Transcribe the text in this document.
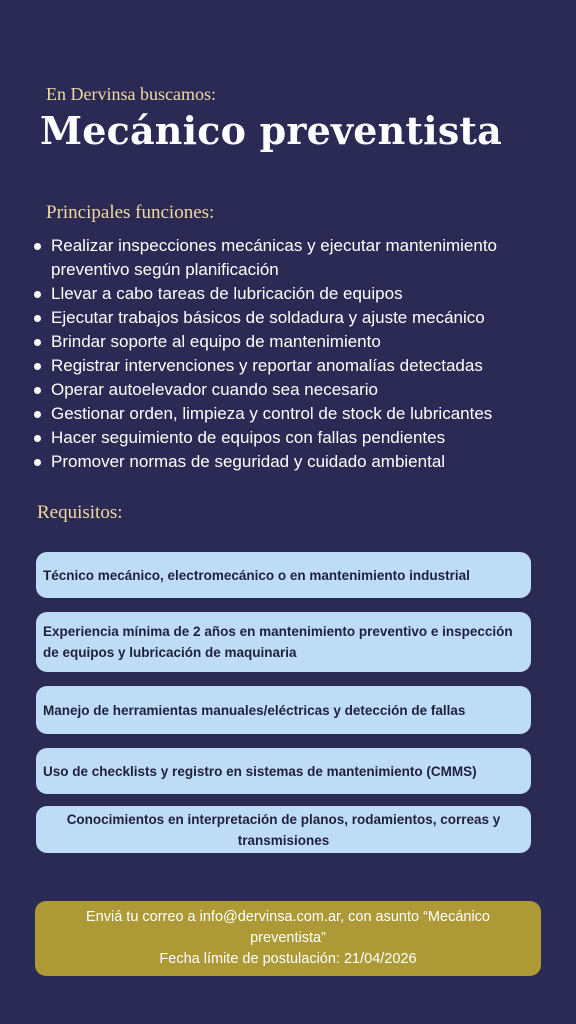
En Dervinsa buscamos:
Mecánico preventista
Principales funciones:
Realizar inspecciones mecánicas y ejecutar mantenimiento preventivo según planificación
Llevar a cabo tareas de lubricación de equipos
Ejecutar trabajos básicos de soldadura y ajuste mecánico
Brindar soporte al equipo de mantenimiento
Registrar intervenciones y reportar anomalías detectadas
Operar autoelevador cuando sea necesario
Gestionar orden, limpieza y control de stock de lubricantes
Hacer seguimiento de equipos con fallas pendientes
Promover normas de seguridad y cuidado ambiental
Requisitos:
Técnico mecánico, electromecánico o en mantenimiento industrial
Experiencia mínima de 2 años en mantenimiento preventivo e inspección de equipos y lubricación de maquinaria
Manejo de herramientas manuales/eléctricas y detección de fallas
Uso de checklists y registro en sistemas de mantenimiento (CMMS)
Conocimientos en interpretación de planos, rodamientos, correas y transmisiones
Enviá tu correo a info@dervinsa.com.ar, con asunto “Mecánico preventista”
Fecha límite de postulación: 21/04/2026
